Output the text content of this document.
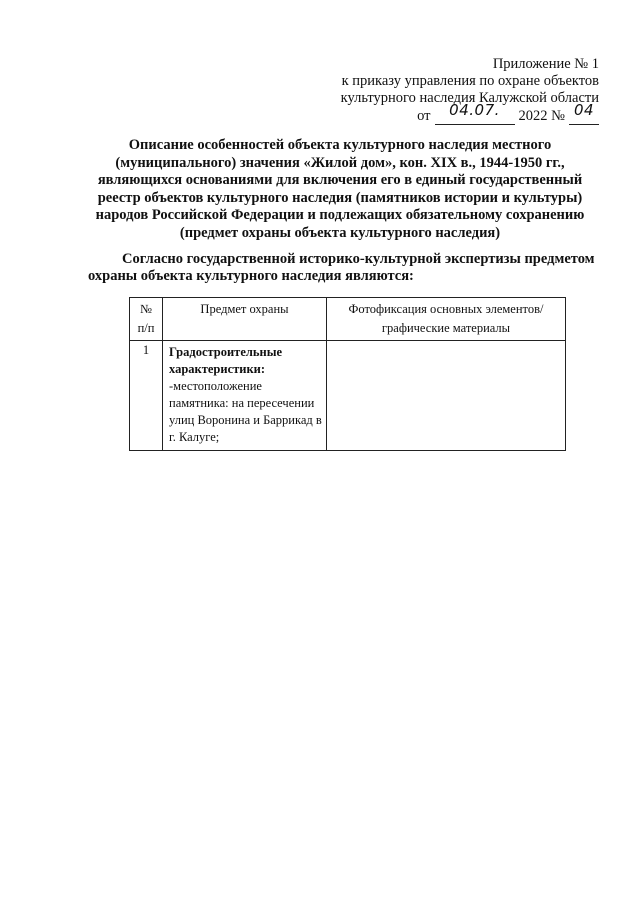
Приложение № 1
к приказу управления по охране объектов
культурного наследия Калужской области
от	04.07.	2022 № 04
Описание особенностей объекта культурного наследия местного
(муниципального) значения «Жилой дом», кон. XIX в., 1944-1950 гг.,
являющихся основаниями для включения его в единый государственный
реестр объектов культурного наследия (памятников истории и культуры)
народов Российской Федерации и подлежащих обязательному сохранению
(предмет охраны объекта культурного наследия)
Согласно государственной историко-культурной экспертизы предметом охраны объекта культурного наследия являются:
№ п/п	Предмет охраны	Фотофиксация основных элементов/графические материалы
1	Градостроительные характеристики:
-местоположение памятника: на пересечении улиц Воронина и Баррикад в г. Калуге;	
